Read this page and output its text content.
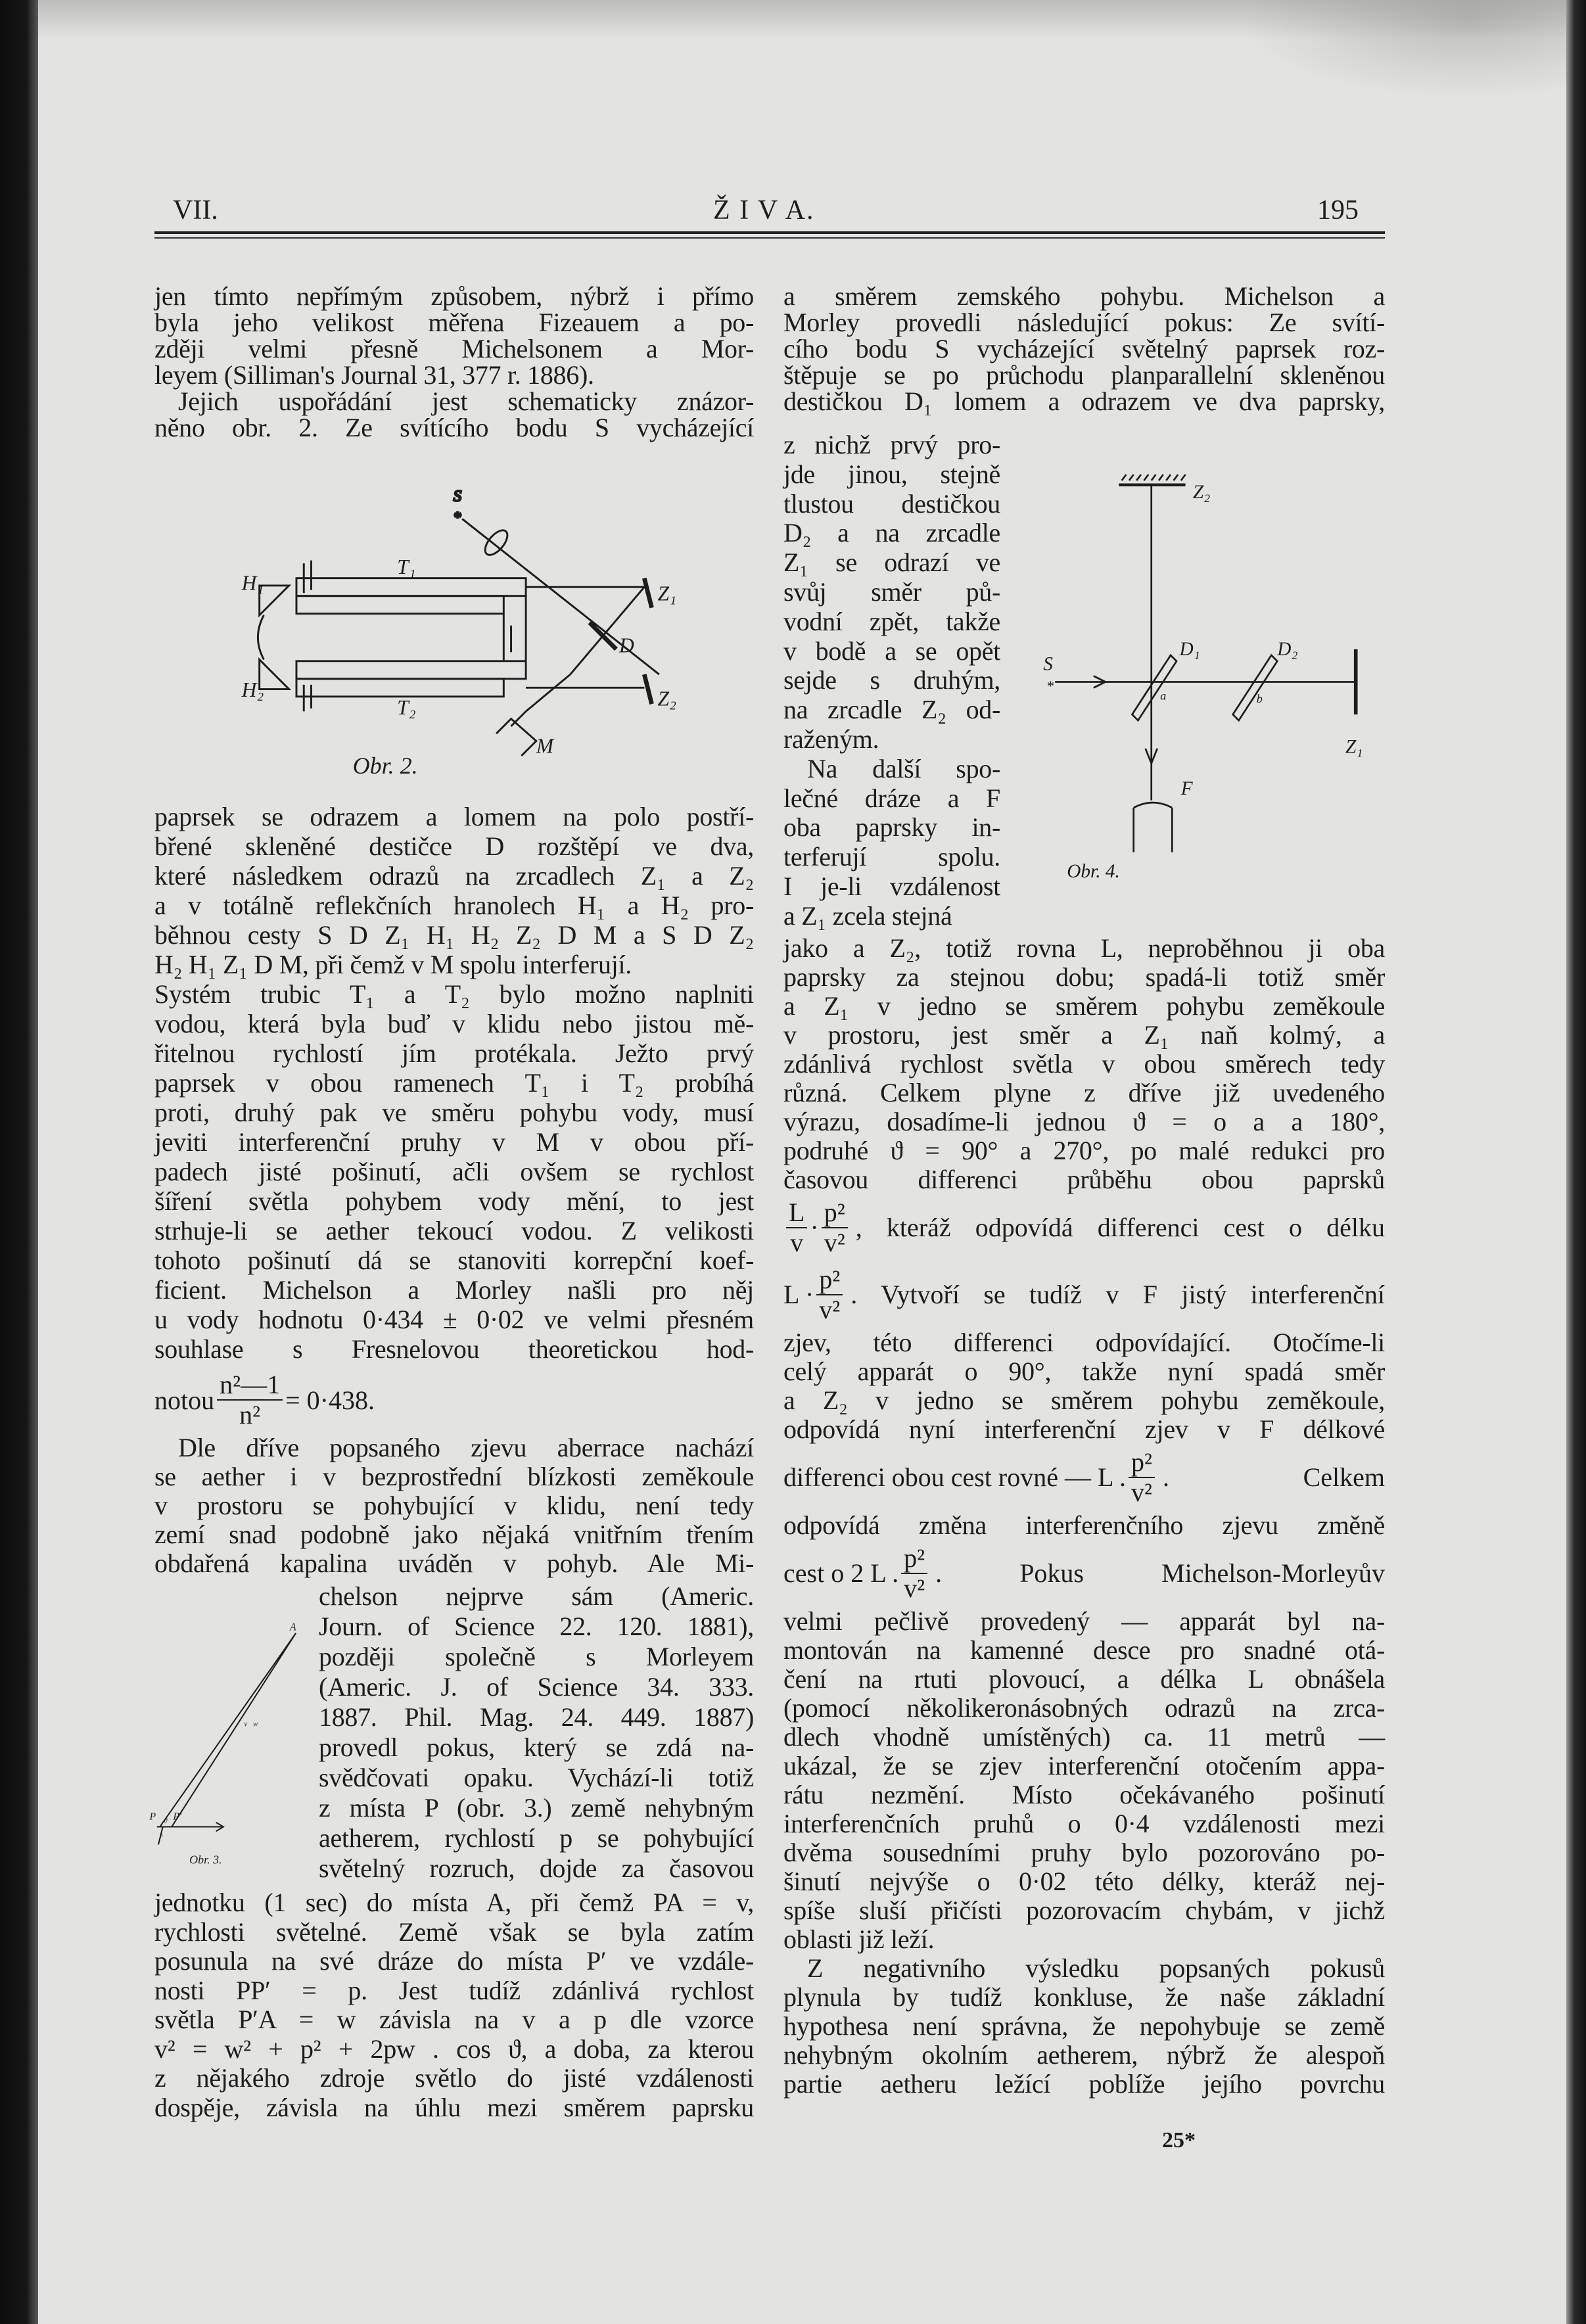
VII.	Ž I V A.	195
jen tímto nepřímým způsobem, nýbrž i přímo
byla jeho velikost měřena Fizeauem a po-
zději velmi přesně Michelsonem a Mor-
leyem (Silliman's Journal 31, 377 r. 1886).
Jejich uspořádání jest schematicky znázor-
něno obr. 2. Ze svítícího bodu S vycházející
S
*
T₁
T₂
H₁
H₂
Z₁
Z₂
D
M
Obr. 2.
paprsek se odrazem a lomem na polo postří-
břené skleněné destičce D rozštěpí ve dva,
které následkem odrazů na zrcadlech Z₁ a Z₂
a v totálně reflekčních hranolech H₁ a H₂ pro-
běhnou cesty S D Z₁ H₁ H₂ Z₂ D M a S D Z₂
H₂ H₁ Z₁ D M, při čemž v M spolu interferují.
Systém trubic T₁ a T₂ bylo možno naplniti
vodou, která byla buď v klidu nebo jistou mě-
řitelnou rychlostí jím protékala. Ježto prvý
paprsek v obou ramenech T₁ i T₂ probíhá
proti, druhý pak ve směru pohybu vody, musí
jeviti interferenční pruhy v M v obou pří-
padech jisté pošinutí, ačli ovšem se rychlost
šíření světla pohybem vody mění, to jest
strhuje-li se aether tekoucí vodou. Z velikosti
tohoto pošinutí dá se stanoviti korrepční koef-
ficient. Michelson a Morley našli pro něj
u vody hodnotu 0·434 ± 0·02 ve velmi přesném
souhlase s Fresnelovou theoretickou hod-
notou $\frac{\text{n²—1}}{\text{n²}} = 0\cdot 438$.
Dle dříve popsaného zjevu aberrace nachází
se aether i v bezprostřední blízkosti zeměkoule
v prostoru se pohybující v klidu, není tedy
zemí snad podobně jako nějaká vnitřním třením
obdařená kapalina uváděn v pohyb. Ale Mi-
A
v w
P	P′
ϑ
p
Obr. 3.
chelson nejprve sám (Americ.
Journ. of Science 22. 120. 1881),
později společně s Morleyem
(Americ. J. of Science 34. 333.
1887. Phil. Mag. 24. 449. 1887)
provedl pokus, který se zdá na-
svědčovati opaku. Vychází-li totiž
z místa P (obr. 3.) země nehybným
aetherem, rychlostí p se pohybující
světelný rozruch, dojde za časovou
jednotku (1 sec) do místa A, při čemž PA = v,
rychlosti světelné. Země však se byla zatím
posunula na své dráze do místa P′ ve vzdále-
nosti PP′ = p. Jest tudíž zdánlivá rychlost
světla P′A = w závisla na v a p dle vzorce
v² = w² + p² + 2pw . cos ϑ, a doba, za kterou
z nějakého zdroje světlo do jisté vzdálenosti
dospěje, závisla na úhlu mezi směrem paprsku
a směrem zemského pohybu. Michelson a
Morley provedli následující pokus: Ze svítí-
cího bodu S vycházející světelný paprsek roz-
štěpuje se po průchodu planparallelní skleněnou
destičkou D₁ lomem a odrazem ve dva paprsky,
z nichž prvý pro-
jde jinou, stejně
tlustou destičkou
D₂ a na zrcadle
Z₁ se odrazí ve
svůj směr pů-
vodní zpět, takže
v bodě a se opět
sejde s druhým,
na zrcadle Z₂ od-
raženým.
Na další spo-
lečné dráze a F
oba paprsky in-
terferují spolu.
I je-li vzdálenost
a Z₁ zcela stejná
Z₂
S
*
D₁	D₂
a	b
Z₁
F
Obr. 4.
jako a Z₂, totiž rovna L, neproběhnou ji oba
paprsky za stejnou dobu; spadá-li totiž směr
a Z₁ v jedno se směrem pohybu zeměkoule
v prostoru, jest směr a Z₁ naň kolmý, a
zdánlivá rychlost světla v obou směrech tedy
různá. Celkem plyne z dříve již uvedeného
výrazu, dosadíme-li jednou ϑ = o a a 180°,
podruhé ϑ = 90° a 270°, po malé redukci pro
časovou differenci průběhu obou paprsků
$\frac{L}{v} \cdot \frac{\text{p²}}{\text{v²}}$ , kteráž odpovídá differenci cest o délku
$L \cdot \frac{\text{p²}}{\text{v²}}$ . Vytvoří se tudíž v F jistý interferenční
zjev, této differenci odpovídající. Otočíme-li
celý apparát o 90°, takže nyní spadá směr
a Z₂ v jedno se směrem pohybu zeměkoule,
odpovídá nyní interferenční zjev v F délkové
differenci obou cest rovné — L . $\frac{\text{p²}}{\text{v²}}$ . Celkem
odpovídá změna interferenčního zjevu změně
cest o 2 L . $\frac{\text{p²}}{\text{v²}}$ . Pokus Michelson-Morleyův
velmi pečlivě provedený — apparát byl na-
montován na kamenné desce pro snadné otá-
čení na rtuti plovoucí, a délka L obnášela
(pomocí několikeronásobných odrazů na zrca-
dlech vhodně umístěných) ca. 11 metrů —
ukázal, že se zjev interferenční otočením appa-
rátu nezmění. Místo očekávaného pošinutí
interferenčních pruhů o 0·4 vzdálenosti mezi
dvěma sousedními pruhy bylo pozorováno po-
šinutí nejvýše o 0·02 této délky, kteráž nej-
spíše sluší přičísti pozorovacím chybám, v jichž
oblasti již leží.
Z negativního výsledku popsaných pokusů
plynula by tudíž konkluse, že naše základní
hypothesa není správna, že nepohybuje se země
nehybným okolním aetherem, nýbrž že alespoň
partie aetheru ležící poblíže jejího povrchu
25*
